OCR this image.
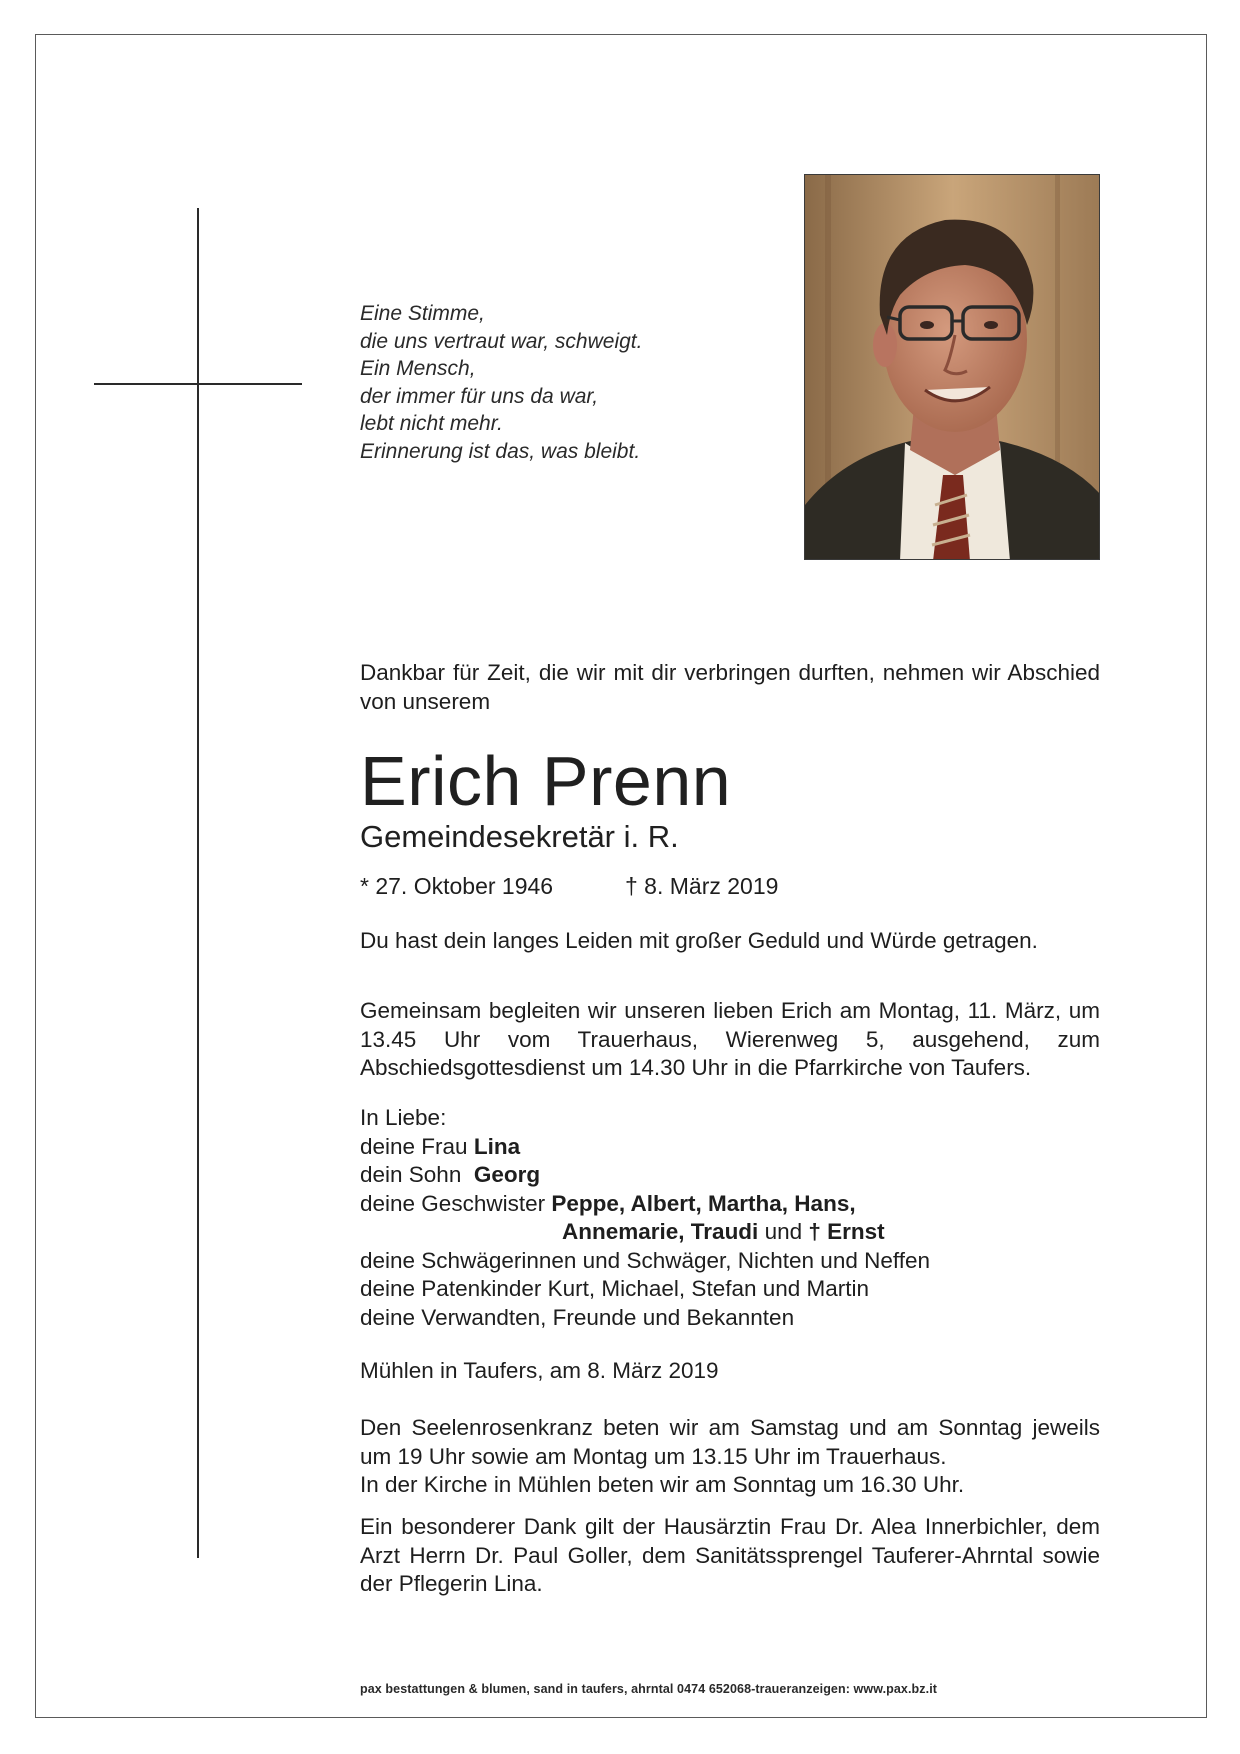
Eine Stimme,
die uns vertraut war, schweigt.
Ein Mensch,
der immer für uns da war,
lebt nicht mehr.
Erinnerung ist das, was bleibt.
Dankbar für Zeit, die wir mit dir verbringen durften, nehmen wir Abschied von unserem
Erich Prenn
Gemeindesekretär i. R.
* 27. Oktober 1946	† 8. März 2019
Du hast dein langes Leiden mit großer Geduld und Würde getragen.
Gemeinsam begleiten wir unseren lieben Erich am Montag, 11. März, um 13.45 Uhr vom Trauerhaus, Wierenweg 5, ausgehend, zum Abschiedsgottesdienst um 14.30 Uhr in die Pfarrkirche von Taufers.
In Liebe:
deine Frau Lina
dein Sohn  Georg
deine Geschwister Peppe, Albert, Martha, Hans,
Annemarie, Traudi und † Ernst
deine Schwägerinnen und Schwäger, Nichten und Neffen
deine Patenkinder Kurt, Michael, Stefan und Martin
deine Verwandten, Freunde und Bekannten
Mühlen in Taufers, am 8. März 2019
Den Seelenrosenkranz beten wir am Samstag und am Sonntag jeweils um 19 Uhr sowie am Montag um 13.15 Uhr im Trauerhaus.
In der Kirche in Mühlen beten wir am Sonntag um 16.30 Uhr.
Ein besonderer Dank gilt der Hausärztin Frau Dr. Alea Innerbichler, dem Arzt Herrn Dr. Paul Goller, dem Sanitätssprengel Tauferer-Ahrntal sowie der Pflegerin Lina.
pax bestattungen & blumen, sand in taufers, ahrntal 0474 652068-traueranzeigen: www.pax.bz.it
